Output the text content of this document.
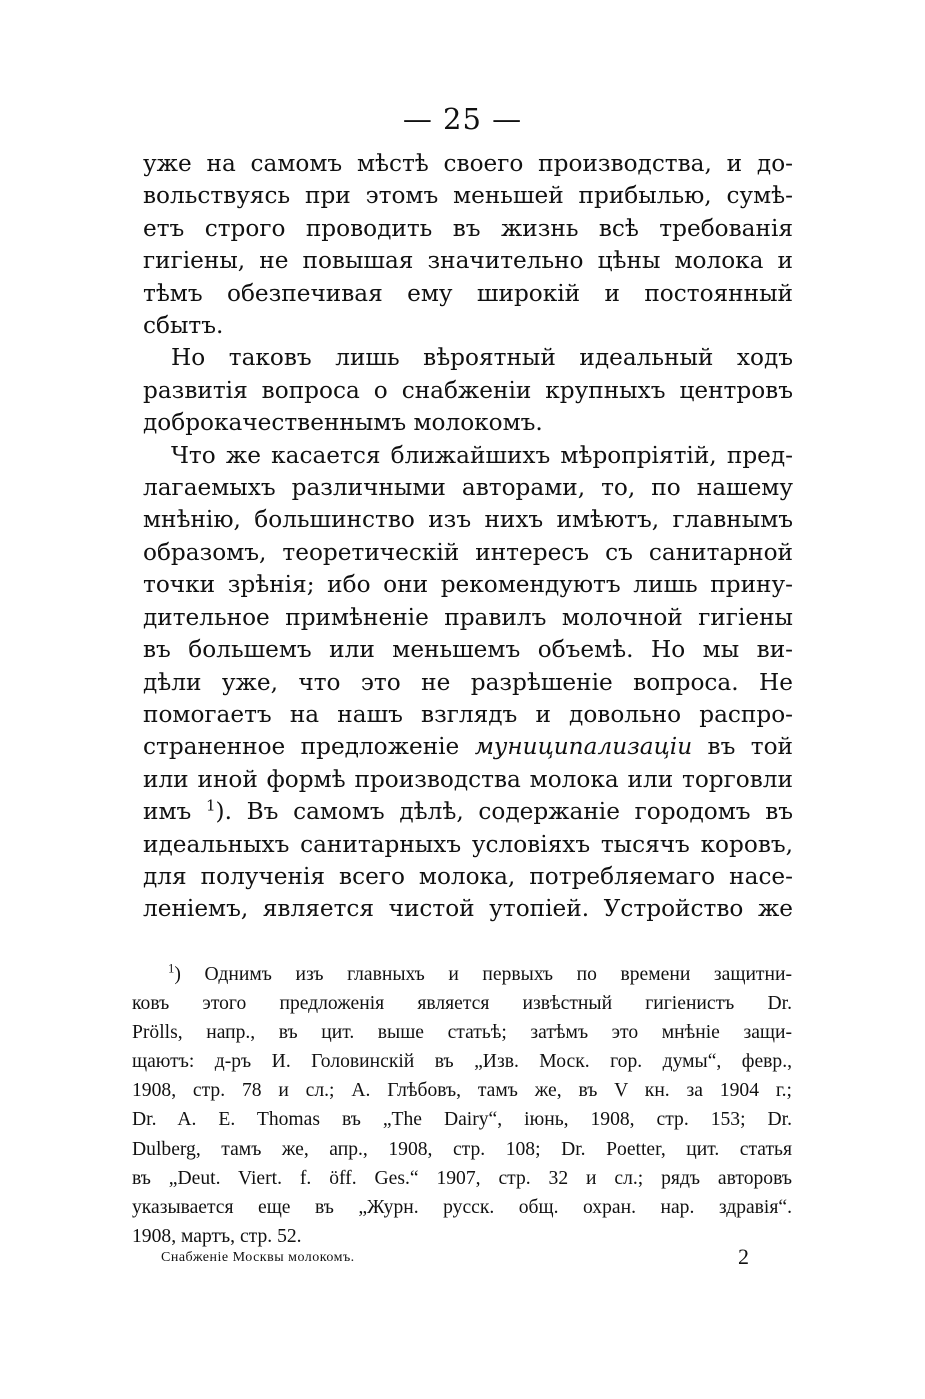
— 25 —

уже на самомъ мѣстѣ своего производства, и до-

вольствуясь при этомъ меньшей прибылью, сумѣ-

етъ строго проводить въ жизнь всѣ требованія

гигіены, не повышая значительно цѣны молока и

тѣмъ обезпечивая ему широкій и постоянный

сбытъ.

Но таковъ лишь вѣроятный идеальный ходъ

развитія вопроса о снабженіи крупныхъ центровъ

доброкачественнымъ молокомъ.

Что же касается ближайшихъ мѣропріятій, пред-

лагаемыхъ различными авторами, то, по нашему

мнѣнію, большинство изъ нихъ имѣютъ, главнымъ

образомъ, теоретическій интересъ съ санитарной

точки зрѣнія; ибо они рекомендуютъ лишь прину-

дительное примѣненіе правилъ молочной гигіены

въ большемъ или меньшемъ объемѣ. Но мы ви-

дѣли уже, что это не разрѣшеніе вопроса. Не

помогаетъ на нашъ взглядъ и довольно распро-

страненное предложеніе муниципализаціи въ той

или иной формѣ производства молока или торговли

имъ $^1$). Въ самомъ дѣлѣ, содержаніе городомъ въ

идеальныхъ санитарныхъ условіяхъ тысячъ коровъ,

для полученія всего молока, потребляемаго насе-

леніемъ, является чистой утопіей. Устройство же

$^1$) Однимъ изъ главныхъ и первыхъ по времени защитни-

ковъ этого предложенія является извѣстный гигіенистъ Dr.

Pröllѕ, напр., въ цит. выше статьѣ; затѣмъ это мнѣніе защи-

щаютъ: д-ръ И. Головинскій въ „Изв. Моск. гор. думы“, февр.,

1908, стр. 78 и сл.; А. Глѣбовъ, тамъ же, въ V кн. за 1904 г.;

Dr. A. E. Thomas въ „The Dairy“, іюнь, 1908, стр. 153; Dr.

Dulberg, тамъ же, апр., 1908, стр. 108; Dr. Poetter, цит. статья

въ „Deut. Viert. f. öff. Ges.“ 1907, стр. 32 и сл.; рядъ авторовъ

указывается еще въ „Журн. русск. общ. охран. нар. здравія“.

1908, мартъ, стр. 52.

Снабженіе Москвы молокомъ.	2
